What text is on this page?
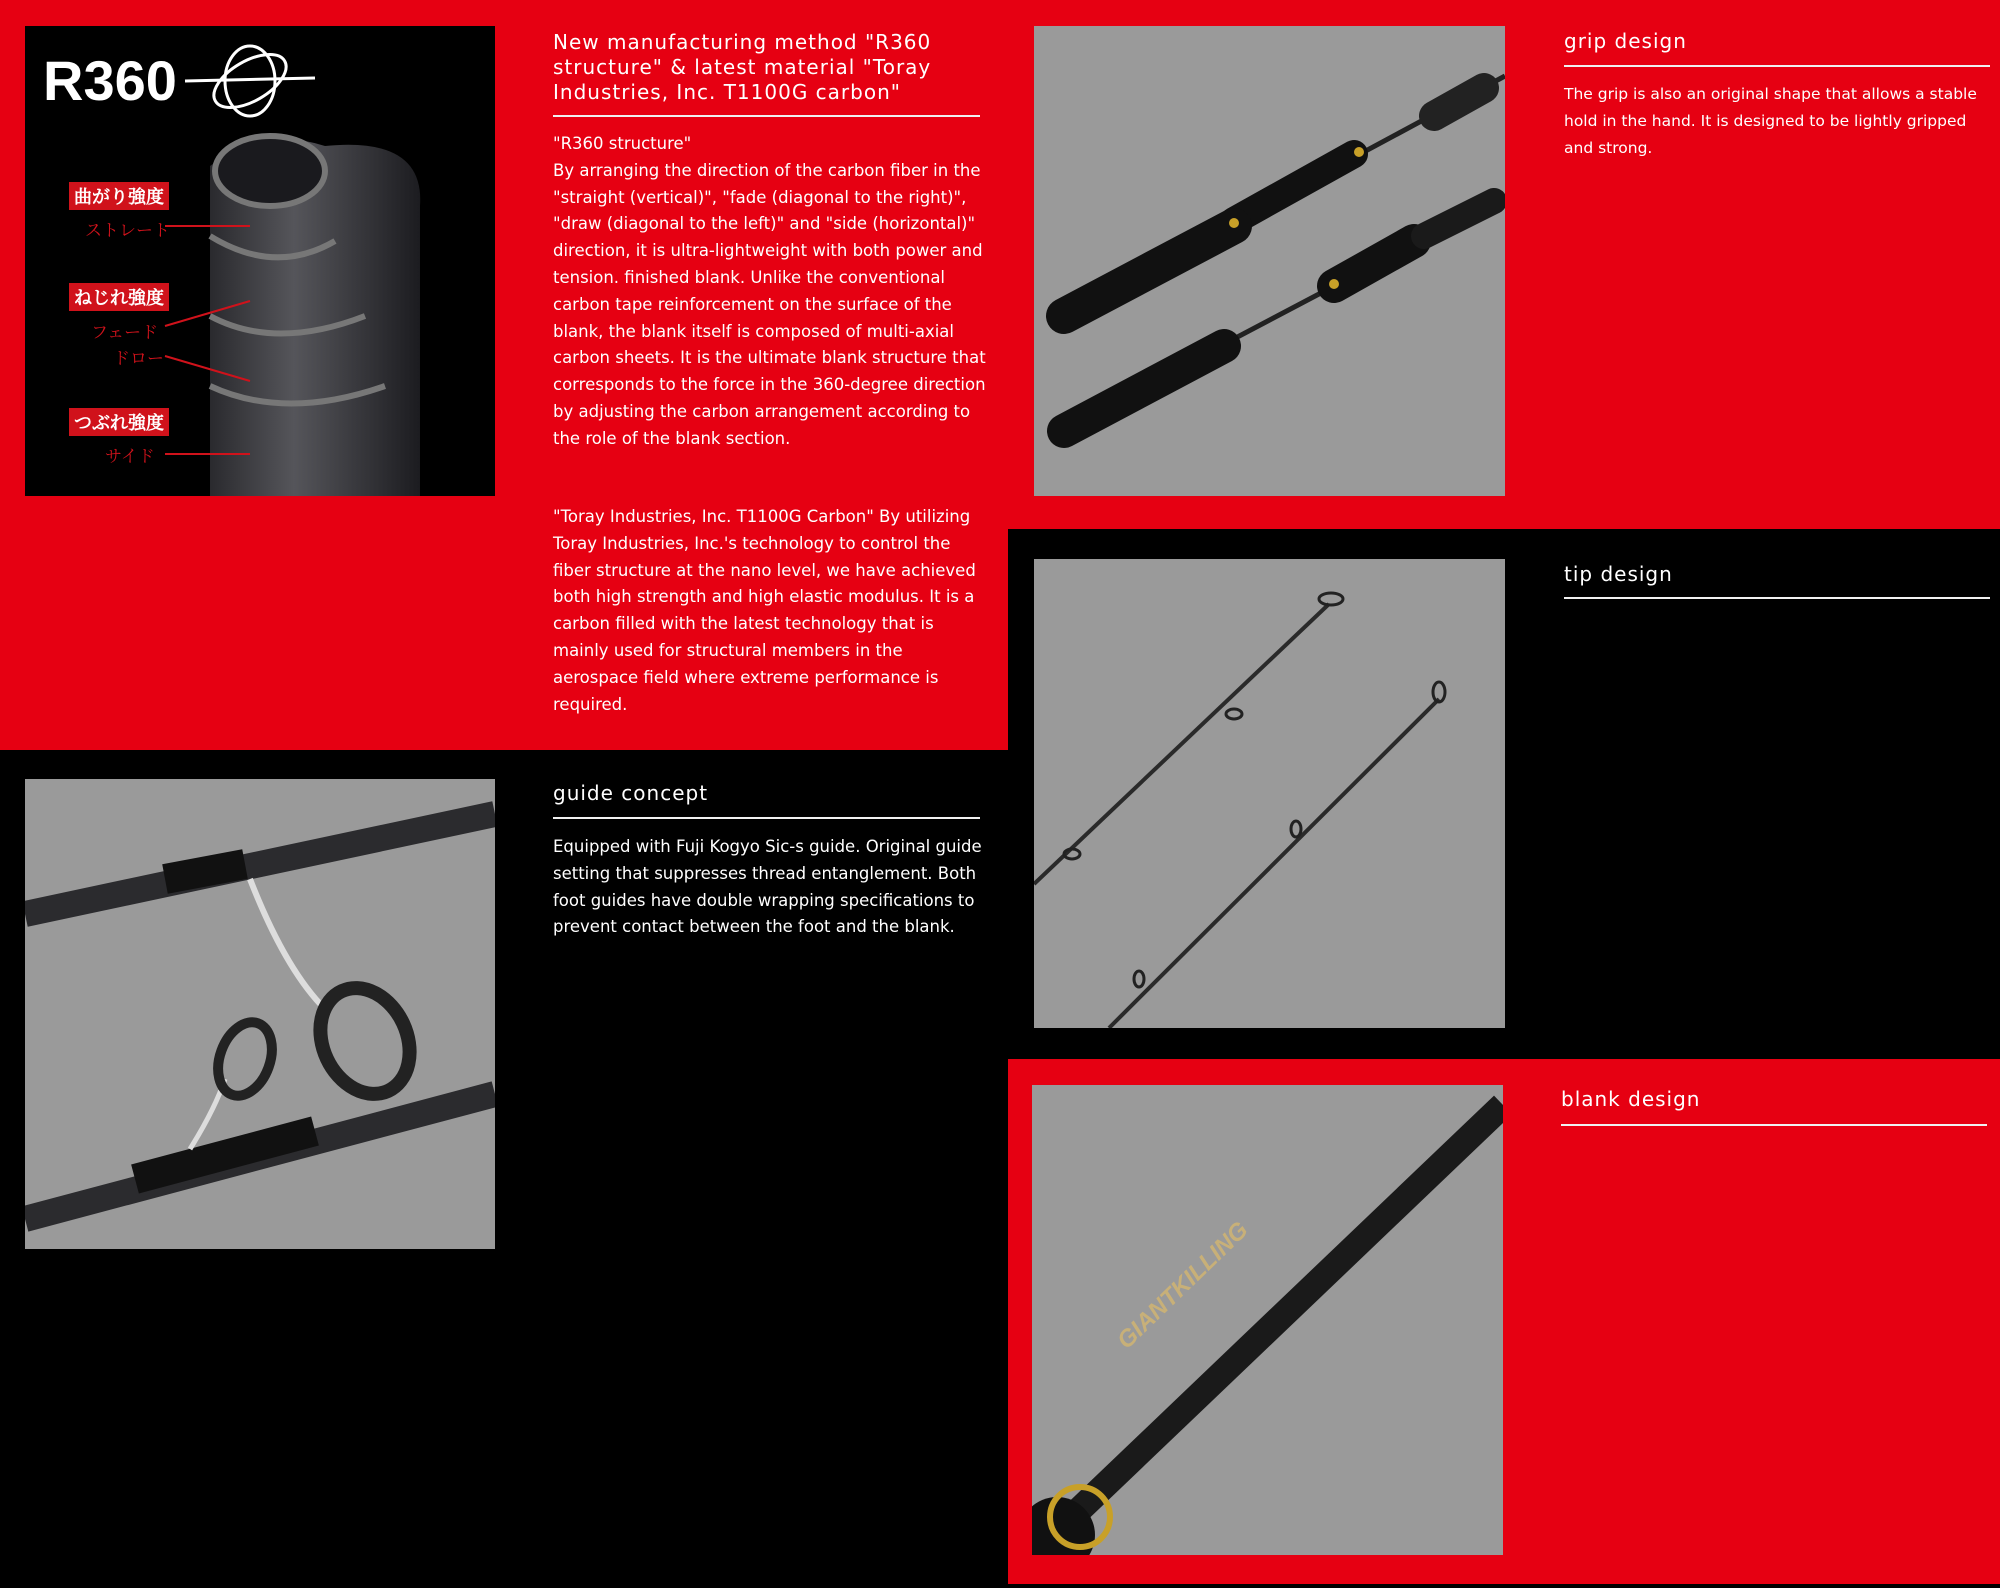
R360
曲がり強度
ストレート
ねじれ強度
フェード
ドロー
つぶれ強度
サイド
New manufacturing method "R360 structure" & latest material "Toray Industries, Inc. T1100G carbon"
"R360 structure"
By arranging the direction of the carbon fiber in the "straight (vertical)", "fade (diagonal to the right)", "draw (diagonal to the left)" and "side (horizontal)" direction, it is ultra-lightweight with both power and tension. finished blank. Unlike the conventional carbon tape reinforcement on the surface of the blank, the blank itself is composed of multi-axial carbon sheets. It is the ultimate blank structure that corresponds to the force in the 360-degree direction by adjusting the carbon arrangement according to the role of the blank section.
"Toray Industries, Inc. T1100G Carbon" By utilizing Toray Industries, Inc.'s technology to control the fiber structure at the nano level, we have achieved both high strength and high elastic modulus. It is a carbon filled with the latest technology that is mainly used for structural members in the aerospace field where extreme performance is required.
grip design
The grip is also an original shape that allows a stable hold in the hand. It is designed to be lightly gripped and strong.
tip design
guide concept
Equipped with Fuji Kogyo Sic-s guide. Original guide setting that suppresses thread entanglement. Both foot guides have double wrapping specifications to prevent contact between the foot and the blank.
GIANTKILLING
blank design
